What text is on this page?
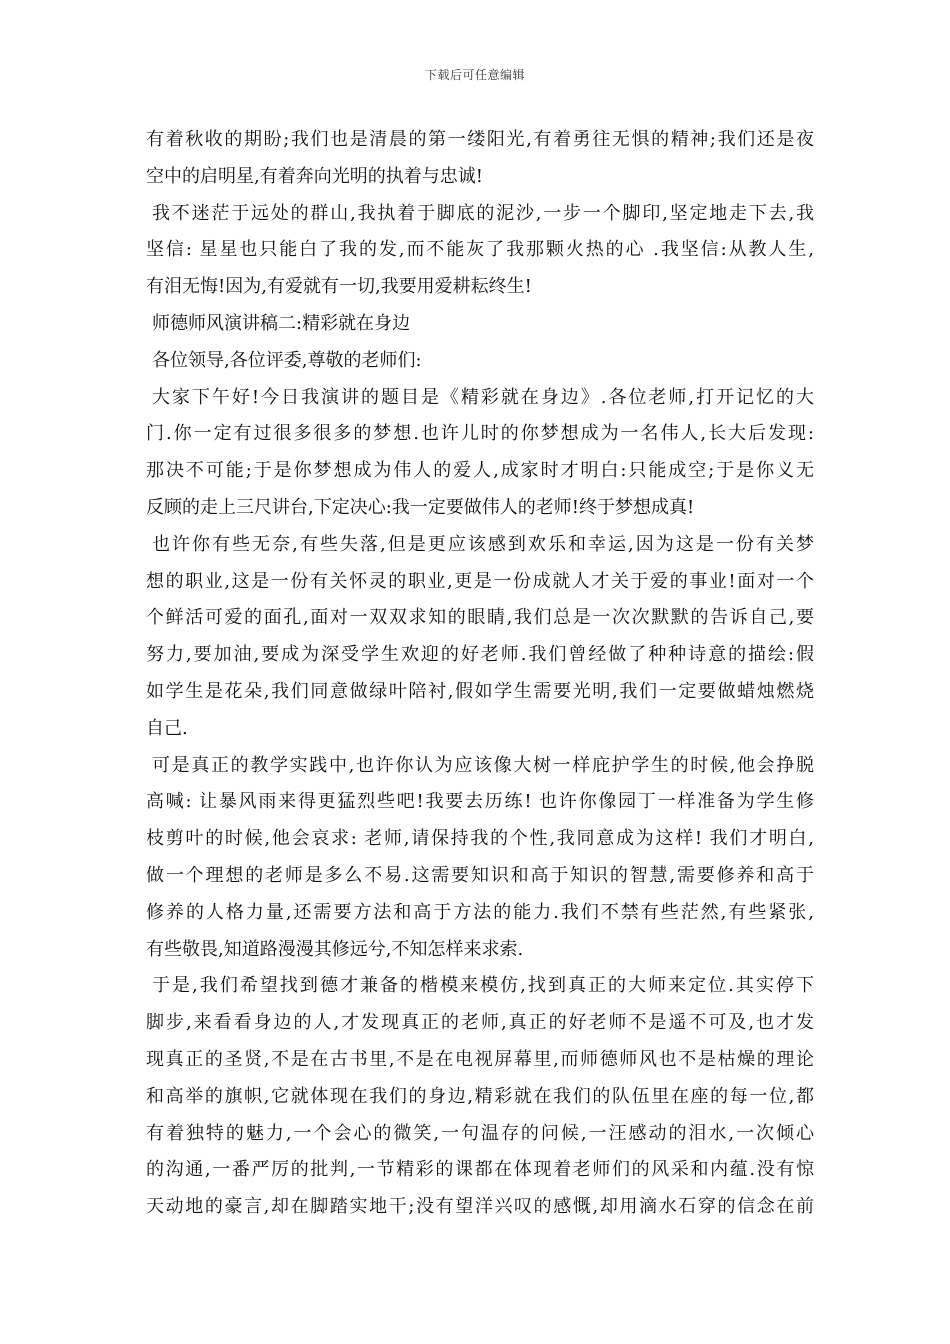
下载后可任意编辑
有着秋收的期盼;我们也是清晨的第一缕阳光,有着勇往无惧的精神;我们还是夜
空中的启明星,有着奔向光明的执着与忠诚!
我不迷茫于远处的群山,我执着于脚底的泥沙,一步一个脚印,坚定地走下去,我
坚信: 星星也只能白了我的发,而不能灰了我那颗火热的心 .我坚信:从教人生,
有泪无悔!因为,有爱就有一切,我要用爱耕耘终生!
师德师风演讲稿二:精彩就在身边
各位领导,各位评委,尊敬的老师们:
大家下午好!今日我演讲的题目是《精彩就在身边》.各位老师,打开记忆的大
门.你一定有过很多很多的梦想.也许儿时的你梦想成为一名伟人,长大后发现:
那决不可能;于是你梦想成为伟人的爱人,成家时才明白:只能成空;于是你义无
反顾的走上三尺讲台,下定决心:我一定要做伟人的老师!终于梦想成真!
也许你有些无奈,有些失落,但是更应该感到欢乐和幸运,因为这是一份有关梦
想的职业,这是一份有关怀灵的职业,更是一份成就人才关于爱的事业!面对一个
个鲜活可爱的面孔,面对一双双求知的眼睛,我们总是一次次默默的告诉自己,要
努力,要加油,要成为深受学生欢迎的好老师.我们曾经做了种种诗意的描绘:假
如学生是花朵,我们同意做绿叶陪衬,假如学生需要光明,我们一定要做蜡烛燃烧
自己.
可是真正的教学实践中,也许你认为应该像大树一样庇护学生的时候,他会挣脱
高喊: 让暴风雨来得更猛烈些吧!我要去历练! 也许你像园丁一样准备为学生修
枝剪叶的时候,他会哀求: 老师,请保持我的个性,我同意成为这样! 我们才明白,
做一个理想的老师是多么不易.这需要知识和高于知识的智慧,需要修养和高于
修养的人格力量,还需要方法和高于方法的能力.我们不禁有些茫然,有些紧张,
有些敬畏,知道路漫漫其修远兮,不知怎样来求索.
于是,我们希望找到德才兼备的楷模来模仿,找到真正的大师来定位.其实停下
脚步,来看看身边的人,才发现真正的老师,真正的好老师不是遥不可及,也才发
现真正的圣贤,不是在古书里,不是在电视屏幕里,而师德师风也不是枯燥的理论
和高举的旗帜,它就体现在我们的身边,精彩就在我们的队伍里在座的每一位,都
有着独特的魅力,一个会心的微笑,一句温存的问候,一汪感动的泪水,一次倾心
的沟通,一番严厉的批判,一节精彩的课都在体现着老师们的风采和内蕴.没有惊
天动地的豪言,却在脚踏实地干;没有望洋兴叹的感慨,却用滴水石穿的信念在前
